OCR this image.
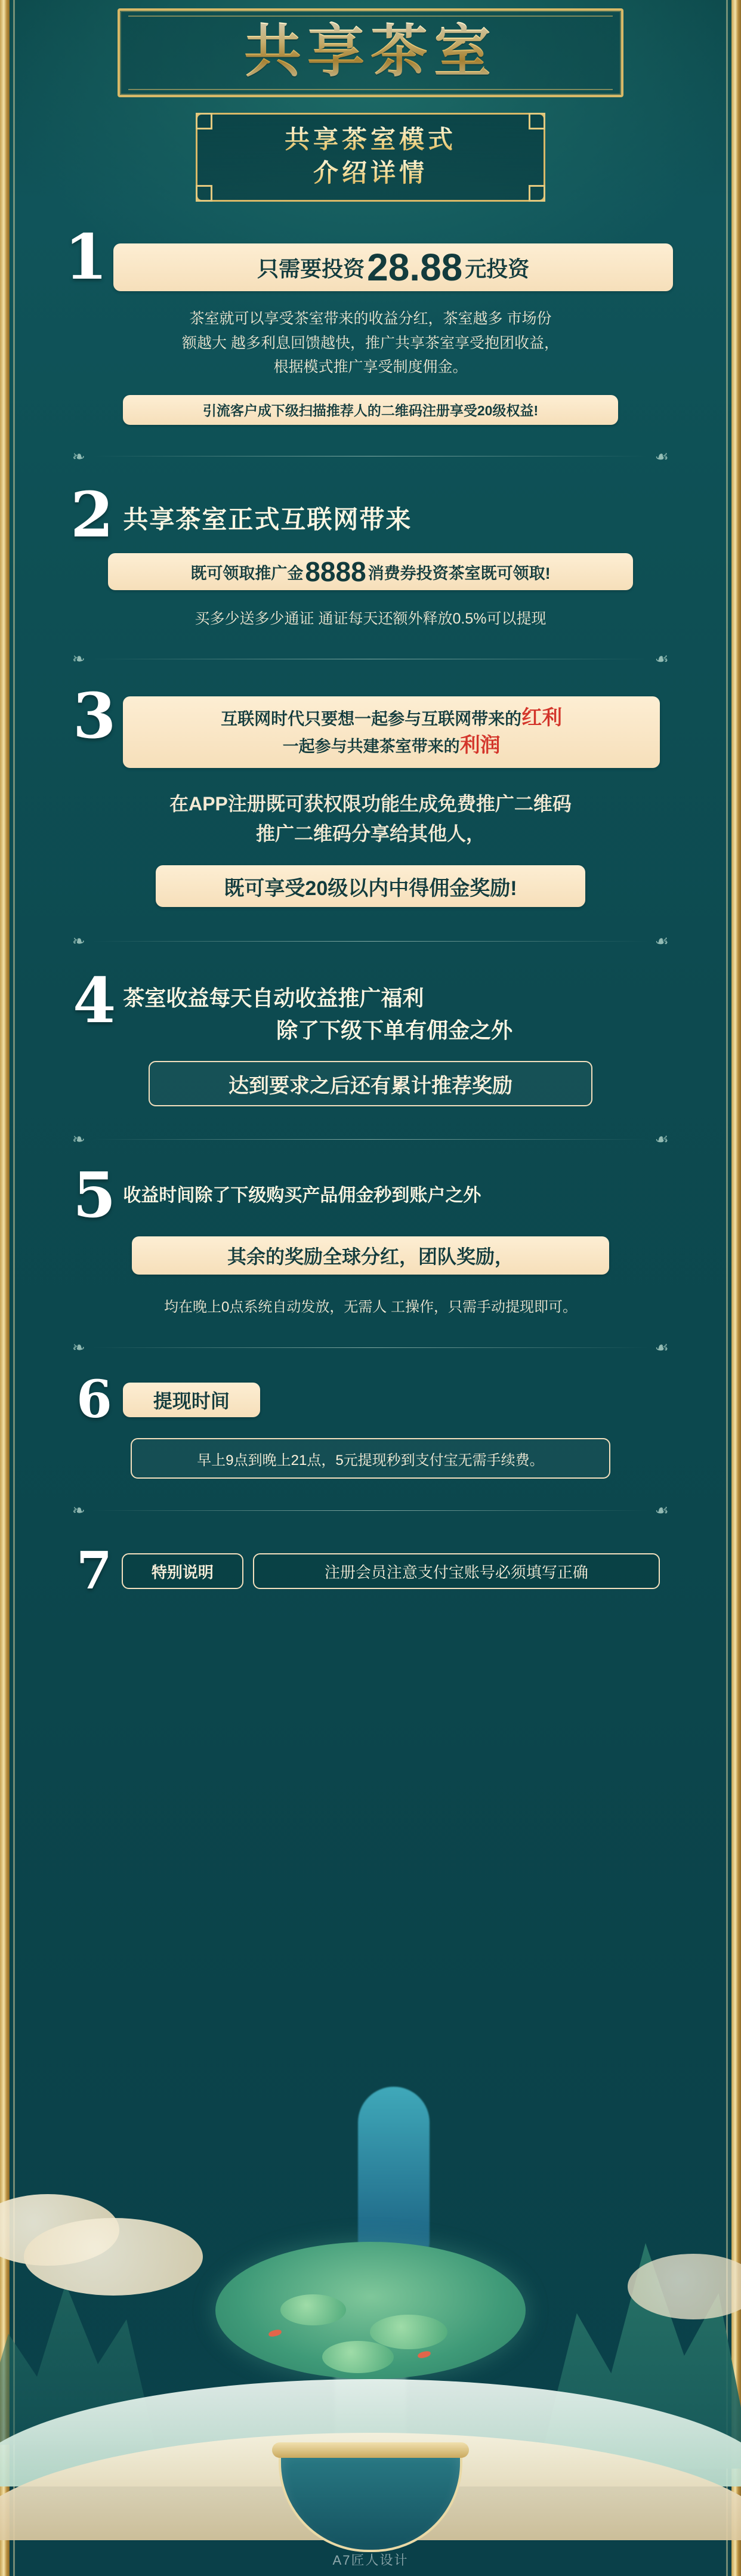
共享茶室
共享茶室模式
介绍详情
1	只需要投资 28.88 元投资
茶室就可以享受茶室带来的收益分红，茶室越多 市场份
额越大 越多利息回馈越快，推广共享茶室享受抱团收益，
根据模式推广享受制度佣金。
引流客户成下级扫描推荐人的二维码注册享受20级权益!
❧	☙
2 共享茶室正式互联网带来
既可领取推广金 8888 消费券投资茶室既可领取!
买多少送多少通证 通证每天还额外释放0.5%可以提现
❧	☙
3	互联网时代只要想一起参与互联网带来的红利
一起参与共建茶室带来的利润
在APP注册既可获权限功能生成免费推广二维码
推广二维码分享给其他人，
既可享受20级以内中得佣金奖励!
❧	☙
4 茶室收益每天自动收益推广福利
除了下级下单有佣金之外
达到要求之后还有累计推荐奖励
❧	☙
5 收益时间除了下级购买产品佣金秒到账户之外
其余的奖励全球分红，团队奖励，
均在晚上0点系统自动发放，无需人 工操作，只需手动提现即可。
❧	☙
6 提现时间
早上9点到晚上21点，5元提现秒到支付宝无需手续费。
❧	☙
7	特别说明	注册会员注意支付宝账号必须填写正确
A7匠人设计
